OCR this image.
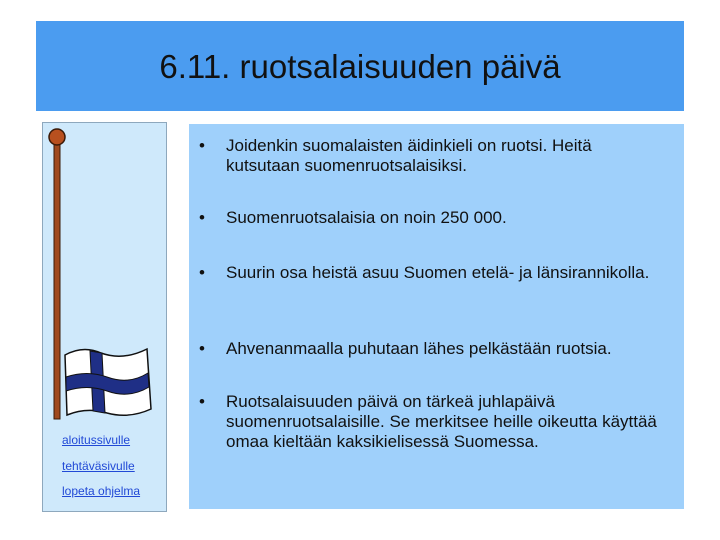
6.11. ruotsalaisuuden päivä
aloitussivulle
tehtäväsivulle
lopeta ohjelma
• Joidenkin suomalaisten äidinkieli on ruotsi. Heitä kutsutaan suomenruotsalaisiksi.
• Suomenruotsalaisia on noin 250 000.
• Suurin osa heistä asuu Suomen etelä- ja länsirannikolla.
• Ahvenanmaalla puhutaan lähes pelkästään ruotsia.
• Ruotsalaisuuden päivä on tärkeä juhlapäivä suomenruotsalaisille. Se merkitsee heille oikeutta käyttää omaa kieltään kaksikielisessä Suomessa.
